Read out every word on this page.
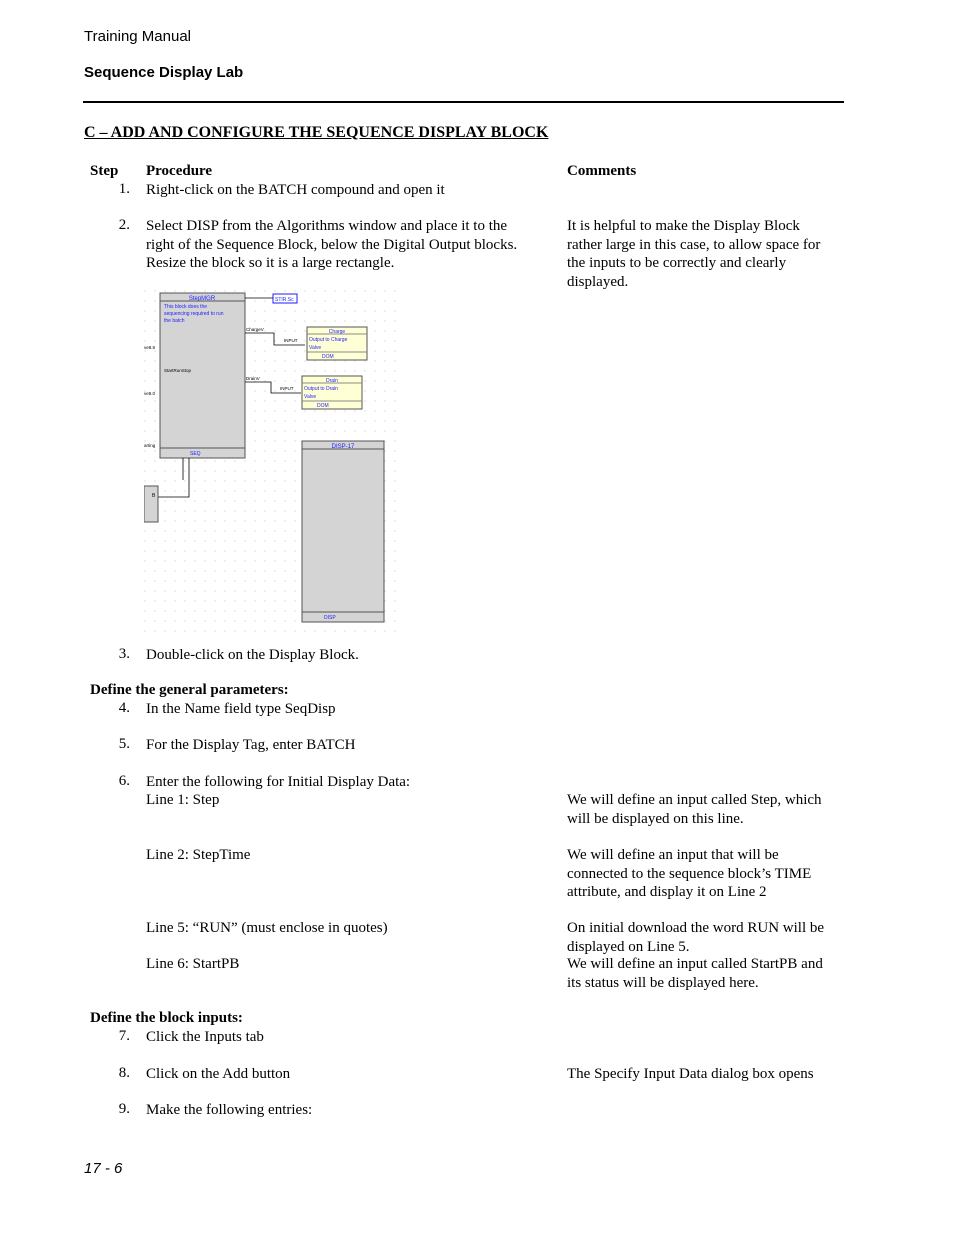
Training Manual
Sequence Display Lab
C – ADD AND CONFIGURE THE SEQUENCE DISPLAY BLOCK
Step Procedure	Comments
1. Right-click on the BATCH compound and open it
2. Select DISP from the Algorithms window and place it to the
right of the Sequence Block, below the Digital Output blocks.
Resize the block so it is a large rectangle.
It is helpful to make the Display Block
rather large in this case, to allow space for
the inputs to be correctly and clearly
displayed.
StepMGR
This block does the
sequencing required to run
the batch
StartRunStop
SEQ
ve8.8
ve8.0
arting
STIR.Sc
ChargeV
INPUT
Charge
Output to Charge
Valve
DOM
DrainV
INPUT
Drain
Output to Drain
Valve
DOM
DISP-17
DISP
B
3. Double-click on the Display Block.
Define the general parameters:
4. In the Name field type SeqDisp
5. For the Display Tag, enter BATCH
6. Enter the following for Initial Display Data:
Line 1: Step	We will define an input called Step, which
will be displayed on this line.
Line 2: StepTime	We will define an input that will be
connected to the sequence block’s TIME
attribute, and display it on Line 2
Line 5: “RUN” (must enclose in quotes)	On initial download the word RUN will be
displayed on Line 5.
Line 6: StartPB	We will define an input called StartPB and
its status will be displayed here.
Define the block inputs:
7. Click the Inputs tab
8. Click on the Add button	The Specify Input Data dialog box opens
9. Make the following entries:
17 - 6
